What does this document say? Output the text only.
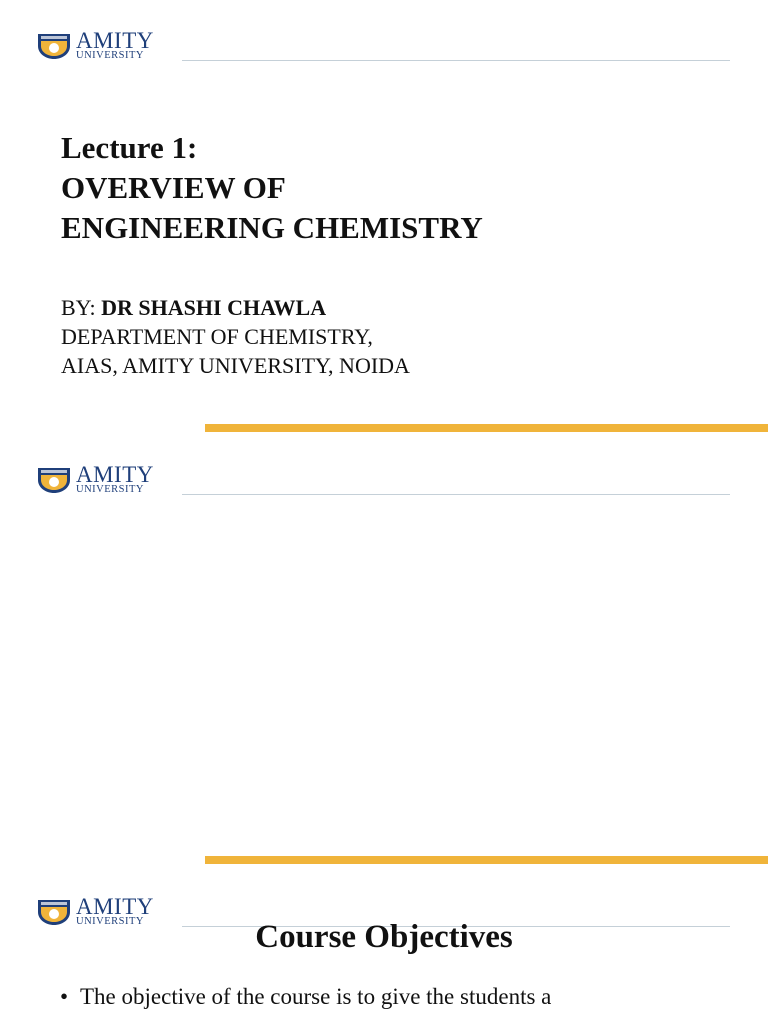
AMITY
UNIVERSITY
Lecture 1:
OVERVIEW OF
ENGINEERING CHEMISTRY
BY: DR SHASHI CHAWLA
DEPARTMENT OF CHEMISTRY,
AIAS, AMITY UNIVERSITY, NOIDA
AMITY
UNIVERSITY
AMITY
UNIVERSITY	Course Objectives
• The objective of the course is to give the students a
